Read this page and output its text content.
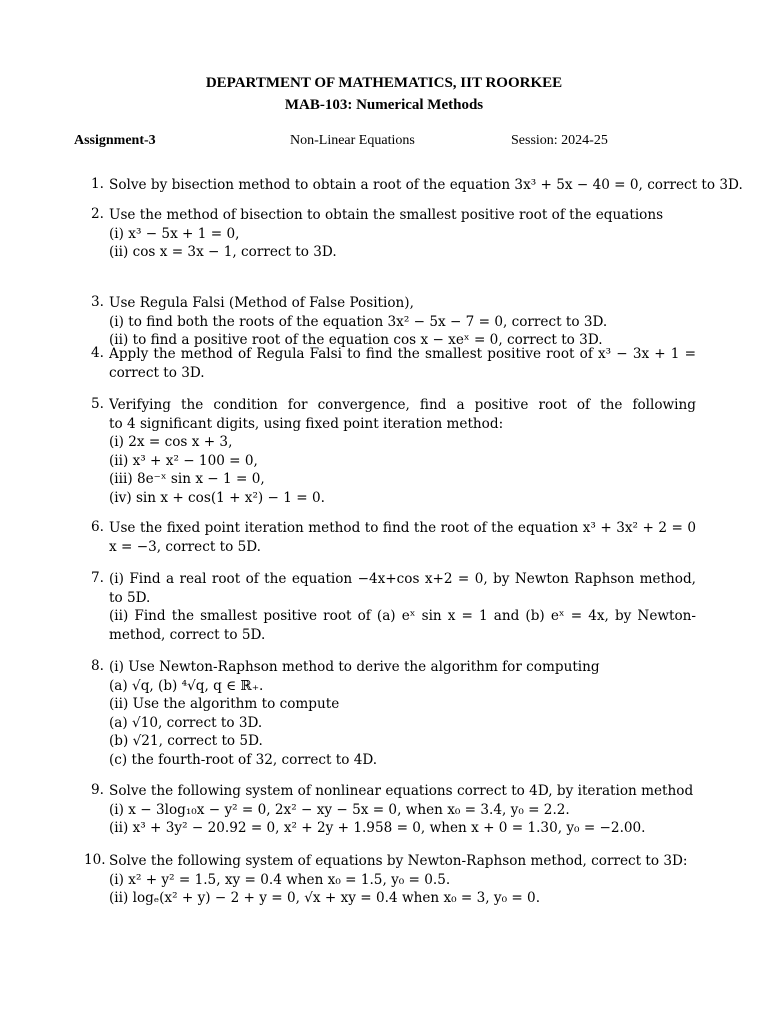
DEPARTMENT OF MATHEMATICS, IIT ROORKEE
MAB-103: Numerical Methods
Assignment-3	Non-Linear Equations	Session: 2024-25
1. Solve by bisection method to obtain a root of the equation 3x³ + 5x − 40 = 0, correct to 3D.
2. Use the method of bisection to obtain the smallest positive root of the equations
(i) x³ − 5x + 1 = 0,
(ii) cos x = 3x − 1, correct to 3D.
3. Use Regula Falsi (Method of False Position),
(i) to find both the roots of the equation 3x² − 5x − 7 = 0, correct to 3D.
(ii) to find a positive root of the equation cos x − xeˣ = 0, correct to 3D.
4. Apply the method of Regula Falsi to find the smallest positive root of x³ − 3x + 1 =
correct to 3D.
5. Verifying the condition for convergence, find a positive root of the following
to 4 significant digits, using fixed point iteration method:
(i) 2x = cos x + 3,
(ii) x³ + x² − 100 = 0,
(iii) 8e⁻ˣ sin x − 1 = 0,
(iv) sin x + cos(1 + x²) − 1 = 0.
6. Use the fixed point iteration method to find the root of the equation x³ + 3x² + 2 = 0
x = −3, correct to 5D.
7. (i) Find a real root of the equation −4x+cos x+2 = 0, by Newton Raphson method,
to 5D.
(ii) Find the smallest positive root of (a) eˣ sin x = 1 and (b) eˣ = 4x, by Newton-
method, correct to 5D.
8. (i) Use Newton-Raphson method to derive the algorithm for computing
(a) √q, (b) ⁴√q, q ∈ ℝ₊.
(ii) Use the algorithm to compute
(a) √10, correct to 3D.
(b) √21, correct to 5D.
(c) the fourth-root of 32, correct to 4D.
9. Solve the following system of nonlinear equations correct to 4D, by iteration method
(i) x − 3log₁₀x − y² = 0, 2x² − xy − 5x = 0, when x₀ = 3.4, y₀ = 2.2.
(ii) x³ + 3y² − 20.92 = 0, x² + 2y + 1.958 = 0, when x + 0 = 1.30, y₀ = −2.00.
10. Solve the following system of equations by Newton-Raphson method, correct to 3D:
(i) x² + y² = 1.5, xy = 0.4 when x₀ = 1.5, y₀ = 0.5.
(ii) logₑ(x² + y) − 2 + y = 0, √x + xy = 0.4 when x₀ = 3, y₀ = 0.
